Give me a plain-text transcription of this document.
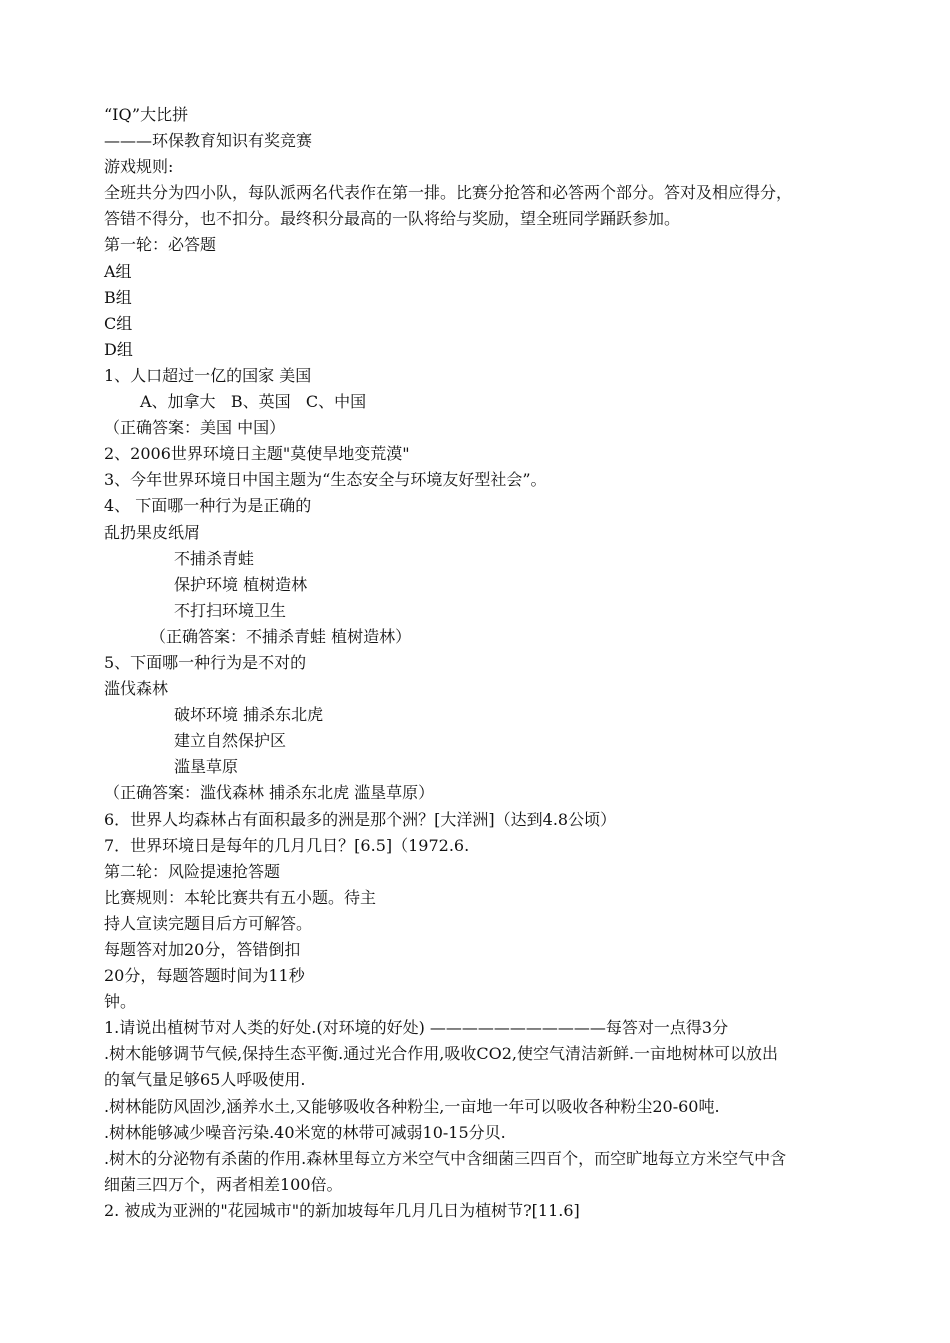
“IQ”大比拼
———环保教育知识有奖竞赛
游戏规则:
全班共分为四小队，每队派两名代表作在第一排。比赛分抢答和必答两个部分。答对及相应得分，
答错不得分，也不扣分。最终积分最高的一队将给与奖励，望全班同学踊跃参加。
第一轮：必答题
A组
B组
C组
D组
1、人口超过一亿的国家 美国
A、加拿大   B、英国   C、中国
（正确答案：美国 中国）
2、2006世界环境日主题"莫使旱地变荒漠"
3、今年世界环境日中国主题为“生态安全与环境友好型社会”。
4、 下面哪一种行为是正确的
乱扔果皮纸屑
不捕杀青蛙
保护环境 植树造林
不打扫环境卫生
（正确答案：不捕杀青蛙 植树造林）
5、下面哪一种行为是不对的
滥伐森林
破坏环境 捕杀东北虎
建立自然保护区
滥垦草原
（正确答案：滥伐森林 捕杀东北虎 滥垦草原）
6．世界人均森林占有面积最多的洲是那个洲？[大洋洲]（达到4.8公顷）
7．世界环境日是每年的几月几日？[6.5]（1972.6.
第二轮：风险提速抢答题
比赛规则：本轮比赛共有五小题。待主
持人宣读完题目后方可解答。
每题答对加20分，答错倒扣
20分，每题答题时间为11秒
钟。
1.请说出植树节对人类的好处.(对环境的好处) ———————————每答对一点得3分
.树木能够调节气候,保持生态平衡.通过光合作用,吸收CO2,使空气清洁新鲜.一亩地树林可以放出
的氧气量足够65人呼吸使用.
.树林能防风固沙,涵养水土,又能够吸收各种粉尘,一亩地一年可以吸收各种粉尘20-60吨.
.树林能够减少噪音污染.40米宽的林带可减弱10-15分贝.
.树木的分泌物有杀菌的作用.森林里每立方米空气中含细菌三四百个，而空旷地每立方米空气中含
细菌三四万个，两者相差100倍。
2. 被成为亚洲的"花园城市"的新加坡每年几月几日为植树节?[11.6]
